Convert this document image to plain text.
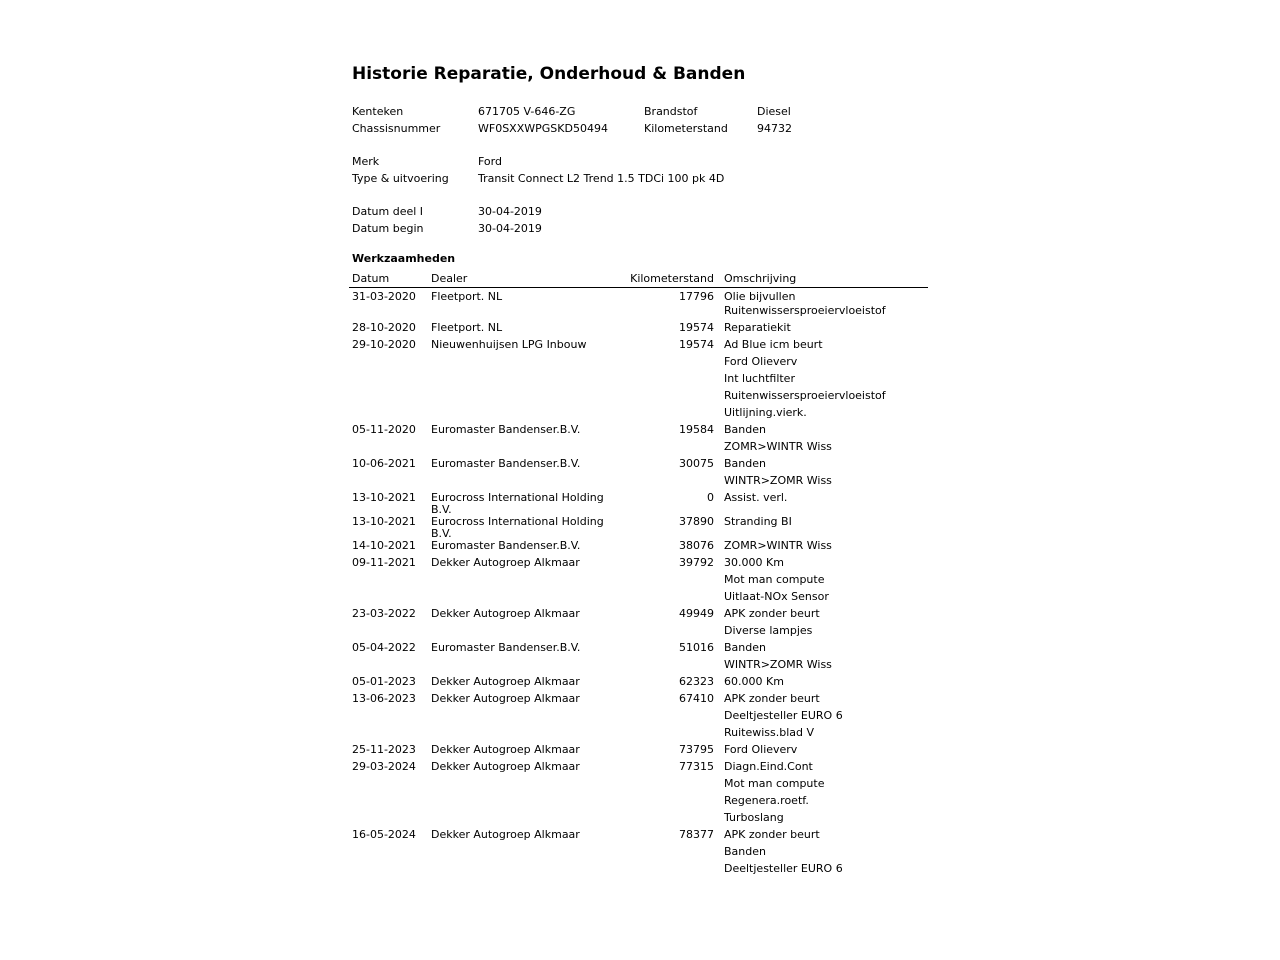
Historie Reparatie, Onderhoud & Banden
Kenteken	671705 V-646-ZG	Brandstof	Diesel
Chassisnummer	WF0SXXWPGSKD50494	Kilometerstand	94732
Merk	Ford
Type & uitvoering	Transit Connect L2 Trend 1.5 TDCi 100 pk 4D
Datum deel I	30-04-2019
Datum begin	30-04-2019
Werkzaamheden
Datum	Dealer	Kilometerstand	Omschrijving
31-03-2020	Fleetport. NL	17796	Olie bijvullen
			Ruitenwissersproeiervloeistof
28-10-2020	Fleetport. NL	19574	Reparatiekit
29-10-2020	Nieuwenhuijsen LPG Inbouw	19574	Ad Blue icm beurt
			Ford Olieverv
			Int luchtfilter
			Ruitenwissersproeiervloeistof
			Uitlijning.vierk.
05-11-2020	Euromaster Bandenser.B.V.	19584	Banden
			ZOMR>WINTR Wiss
10-06-2021	Euromaster Bandenser.B.V.	30075	Banden
			WINTR>ZOMR Wiss
13-10-2021	Eurocross International Holding B.V.	0	Assist. verl.
13-10-2021	Eurocross International Holding B.V.	37890	Stranding BI
14-10-2021	Euromaster Bandenser.B.V.	38076	ZOMR>WINTR Wiss
09-11-2021	Dekker Autogroep Alkmaar	39792	30.000 Km
			Mot man compute
			Uitlaat-NOx Sensor
23-03-2022	Dekker Autogroep Alkmaar	49949	APK zonder beurt
			Diverse lampjes
05-04-2022	Euromaster Bandenser.B.V.	51016	Banden
			WINTR>ZOMR Wiss
05-01-2023	Dekker Autogroep Alkmaar	62323	60.000 Km
13-06-2023	Dekker Autogroep Alkmaar	67410	APK zonder beurt
			Deeltjesteller EURO 6
			Ruitewiss.blad V
25-11-2023	Dekker Autogroep Alkmaar	73795	Ford Olieverv
29-03-2024	Dekker Autogroep Alkmaar	77315	Diagn.Eind.Cont
			Mot man compute
			Regenera.roetf.
			Turboslang
16-05-2024	Dekker Autogroep Alkmaar	78377	APK zonder beurt
			Banden
			Deeltjesteller EURO 6
